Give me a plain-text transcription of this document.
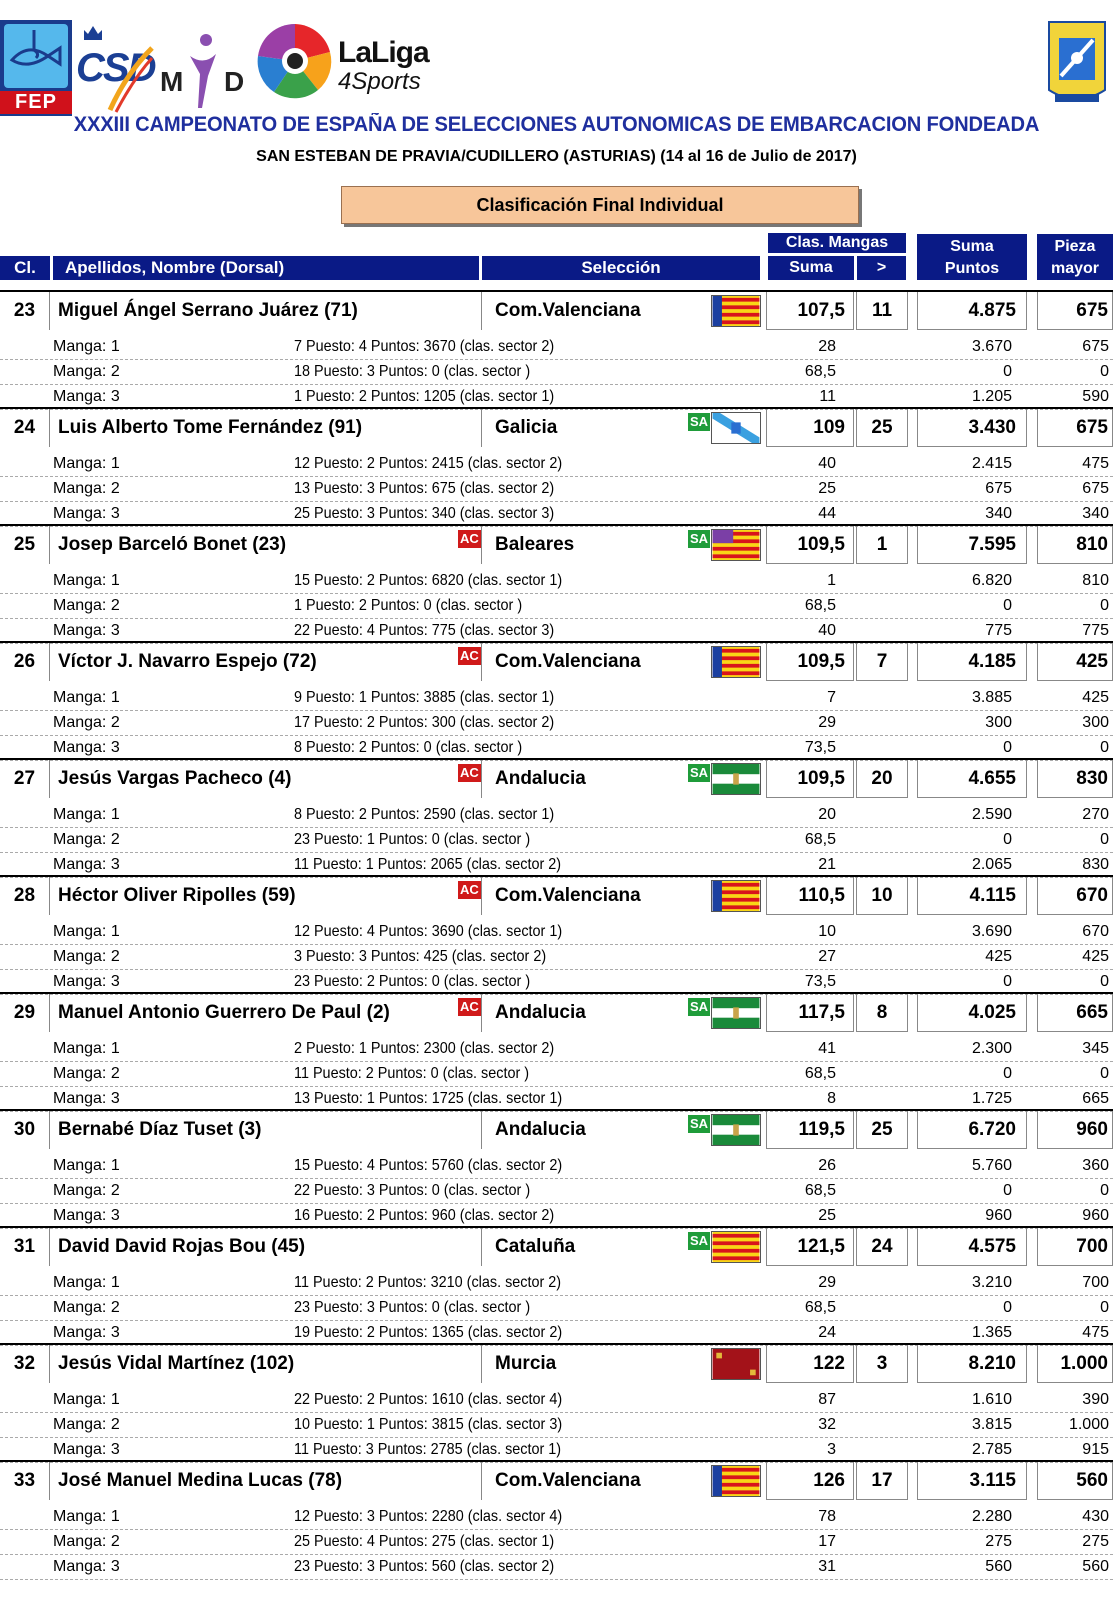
FEP
CSD M D
LaLiga
4Sports
XXXIII CAMPEONATO DE ESPAÑA DE SELECCIONES AUTONOMICAS DE EMBARCACION FONDEADA
SAN ESTEBAN DE PRAVIA/CUDILLERO (ASTURIAS) (14 al 16 de Julio de 2017)
Clasificación Final Individual
Cl.	Apellidos, Nombre (Dorsal)	Selección
Clas. Mangas
Suma	>
Suma
Puntos
Pieza
mayor
23	Miguel Ángel Serrano Juárez (71)	Com.Valenciana	107,5	11	4.875	675
Manga: 1	7 Puesto: 4 Puntos: 3670 (clas. sector 2)	28	3.670	675
Manga: 2	18 Puesto: 3 Puntos: 0 (clas. sector )	68,5	0	0
Manga: 3	1 Puesto: 2 Puntos: 1205 (clas. sector 1)	11	1.205	590
24	Luis Alberto Tome Fernández (91)	Galicia	SA	109	25	3.430	675
Manga: 1	12 Puesto: 2 Puntos: 2415 (clas. sector 2)	40	2.415	475
Manga: 2	13 Puesto: 3 Puntos: 675 (clas. sector 2)	25	675	675
Manga: 3	25 Puesto: 3 Puntos: 340 (clas. sector 3)	44	340	340
25	Josep Barceló Bonet (23)	AC Baleares	SA	109,5	1	7.595	810
Manga: 1	15 Puesto: 2 Puntos: 6820 (clas. sector 1)	1	6.820	810
Manga: 2	1 Puesto: 2 Puntos: 0 (clas. sector )	68,5	0	0
Manga: 3	22 Puesto: 4 Puntos: 775 (clas. sector 3)	40	775	775
26	Víctor J. Navarro Espejo (72)	AC Com.Valenciana	109,5	7	4.185	425
Manga: 1	9 Puesto: 1 Puntos: 3885 (clas. sector 1)	7	3.885	425
Manga: 2	17 Puesto: 2 Puntos: 300 (clas. sector 2)	29	300	300
Manga: 3	8 Puesto: 2 Puntos: 0 (clas. sector )	73,5	0	0
27	Jesús Vargas Pacheco (4)	AC Andalucia	SA	109,5	20	4.655	830
Manga: 1	8 Puesto: 2 Puntos: 2590 (clas. sector 1)	20	2.590	270
Manga: 2	23 Puesto: 1 Puntos: 0 (clas. sector )	68,5	0	0
Manga: 3	11 Puesto: 1 Puntos: 2065 (clas. sector 2)	21	2.065	830
28	Héctor Oliver Ripolles (59)	AC Com.Valenciana	110,5	10	4.115	670
Manga: 1	12 Puesto: 4 Puntos: 3690 (clas. sector 1)	10	3.690	670
Manga: 2	3 Puesto: 3 Puntos: 425 (clas. sector 2)	27	425	425
Manga: 3	23 Puesto: 2 Puntos: 0 (clas. sector )	73,5	0	0
29	Manuel Antonio Guerrero De Paul (2)	AC Andalucia	SA	117,5	8	4.025	665
Manga: 1	2 Puesto: 1 Puntos: 2300 (clas. sector 2)	41	2.300	345
Manga: 2	11 Puesto: 2 Puntos: 0 (clas. sector )	68,5	0	0
Manga: 3	13 Puesto: 1 Puntos: 1725 (clas. sector 1)	8	1.725	665
30	Bernabé Díaz Tuset (3)	Andalucia	SA	119,5	25	6.720	960
Manga: 1	15 Puesto: 4 Puntos: 5760 (clas. sector 2)	26	5.760	360
Manga: 2	22 Puesto: 3 Puntos: 0 (clas. sector )	68,5	0	0
Manga: 3	16 Puesto: 2 Puntos: 960 (clas. sector 2)	25	960	960
31	David David Rojas Bou (45)	Cataluña	SA	121,5	24	4.575	700
Manga: 1	11 Puesto: 2 Puntos: 3210 (clas. sector 2)	29	3.210	700
Manga: 2	23 Puesto: 3 Puntos: 0 (clas. sector )	68,5	0	0
Manga: 3	19 Puesto: 2 Puntos: 1365 (clas. sector 2)	24	1.365	475
32	Jesús Vidal Martínez (102)	Murcia	122	3	8.210	1.000
Manga: 1	22 Puesto: 2 Puntos: 1610 (clas. sector 4)	87	1.610	390
Manga: 2	10 Puesto: 1 Puntos: 3815 (clas. sector 3)	32	3.815	1.000
Manga: 3	11 Puesto: 3 Puntos: 2785 (clas. sector 1)	3	2.785	915
33	José Manuel Medina Lucas (78)	Com.Valenciana	126	17	3.115	560
Manga: 1	12 Puesto: 3 Puntos: 2280 (clas. sector 4)	78	2.280	430
Manga: 2	25 Puesto: 4 Puntos: 275 (clas. sector 1)	17	275	275
Manga: 3	23 Puesto: 3 Puntos: 560 (clas. sector 2)	31	560	560
